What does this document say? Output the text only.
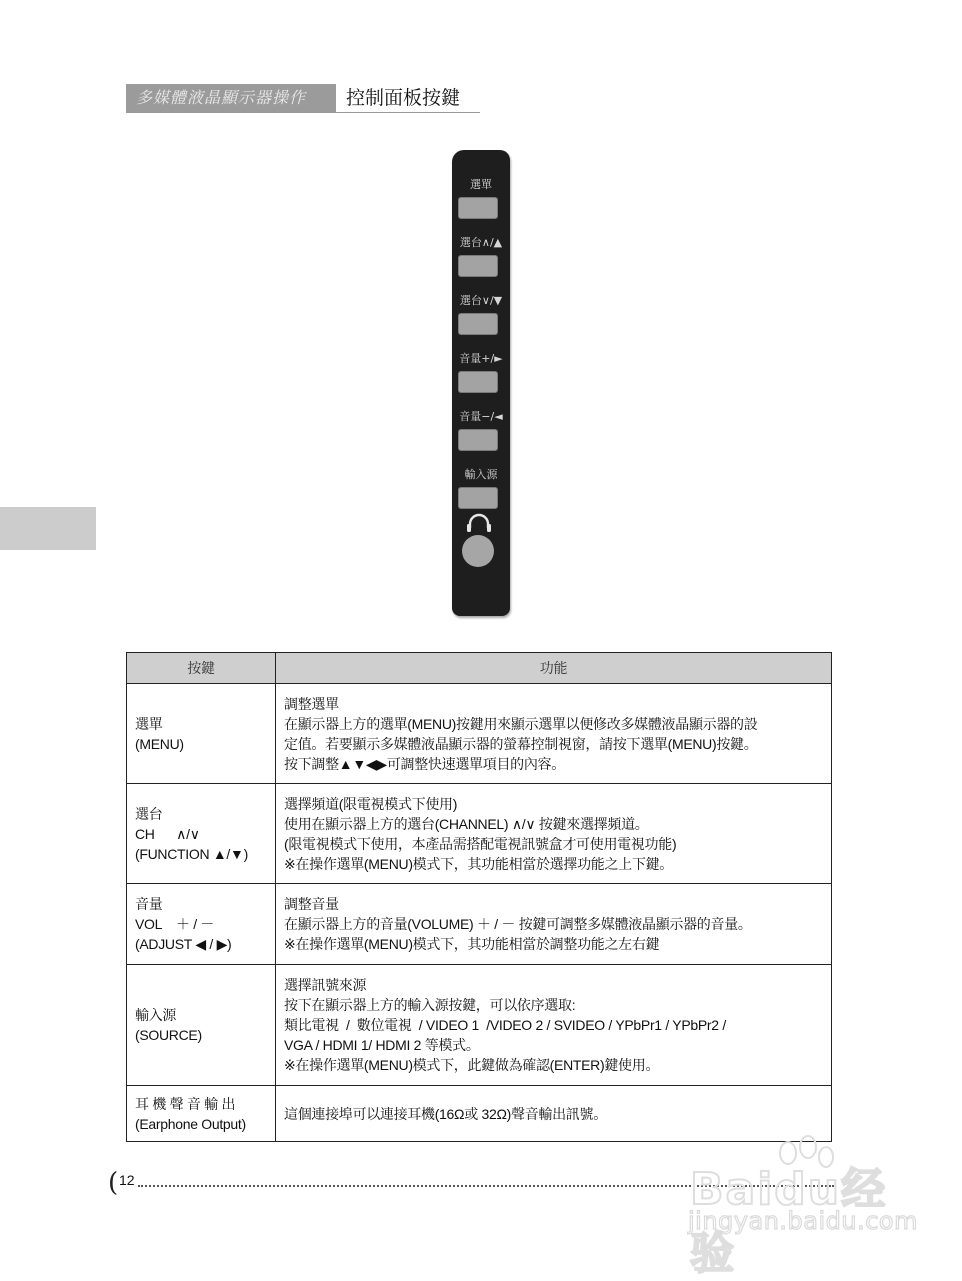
多媒體液晶顯示器操作	控制面板按鍵
選單
選台∧/▲
選台∨/▼
音量+/►
音量−/◄
輸入源
按鍵	功能

選單
(MENU)	調整選單
在顯示器上方的選單(MENU)按鍵用來顯示選單以便修改多媒體液晶顯示器的設
定值。若要顯示多媒體液晶顯示器的螢幕控制視窗，請按下選單(MENU)按鍵。
按下調整▲▼◀▶可調整快速選單項目的內容。

選台
CH      ∧/∨
(FUNCTION ▲/▼)	選擇頻道(限電視模式下使用)
使用在顯示器上方的選台(CHANNEL) ∧/∨ 按鍵來選擇頻道。
(限電視模式下使用，本產品需搭配電視訊號盒才可使用電視功能)
※在操作選單(MENU)模式下，其功能相當於選擇功能之上下鍵。

音量
VOL    ＋ / －
(ADJUST ◀ / ▶)	調整音量
在顯示器上方的音量(VOLUME) ＋ / － 按鍵可調整多媒體液晶顯示器的音量。
※在操作選單(MENU)模式下，其功能相當於調整功能之左右鍵

輸入源
(SOURCE)	選擇訊號來源
按下在顯示器上方的輸入源按鍵，可以依序選取:
類比電視  /  數位電視  / VIDEO 1  /VIDEO 2 / SVIDEO / YPbPr1 / YPbPr2 /
VGA / HDMI 1/ HDMI 2 等模式。
※在操作選單(MENU)模式下，此鍵做為確認(ENTER)鍵使用。

耳 機 聲 音 輸 出
(Earphone Output)	這個連接埠可以連接耳機(16Ω或 32Ω)聲音輸出訊號。
( 12	Baidu经验
jingyan.baidu.com
